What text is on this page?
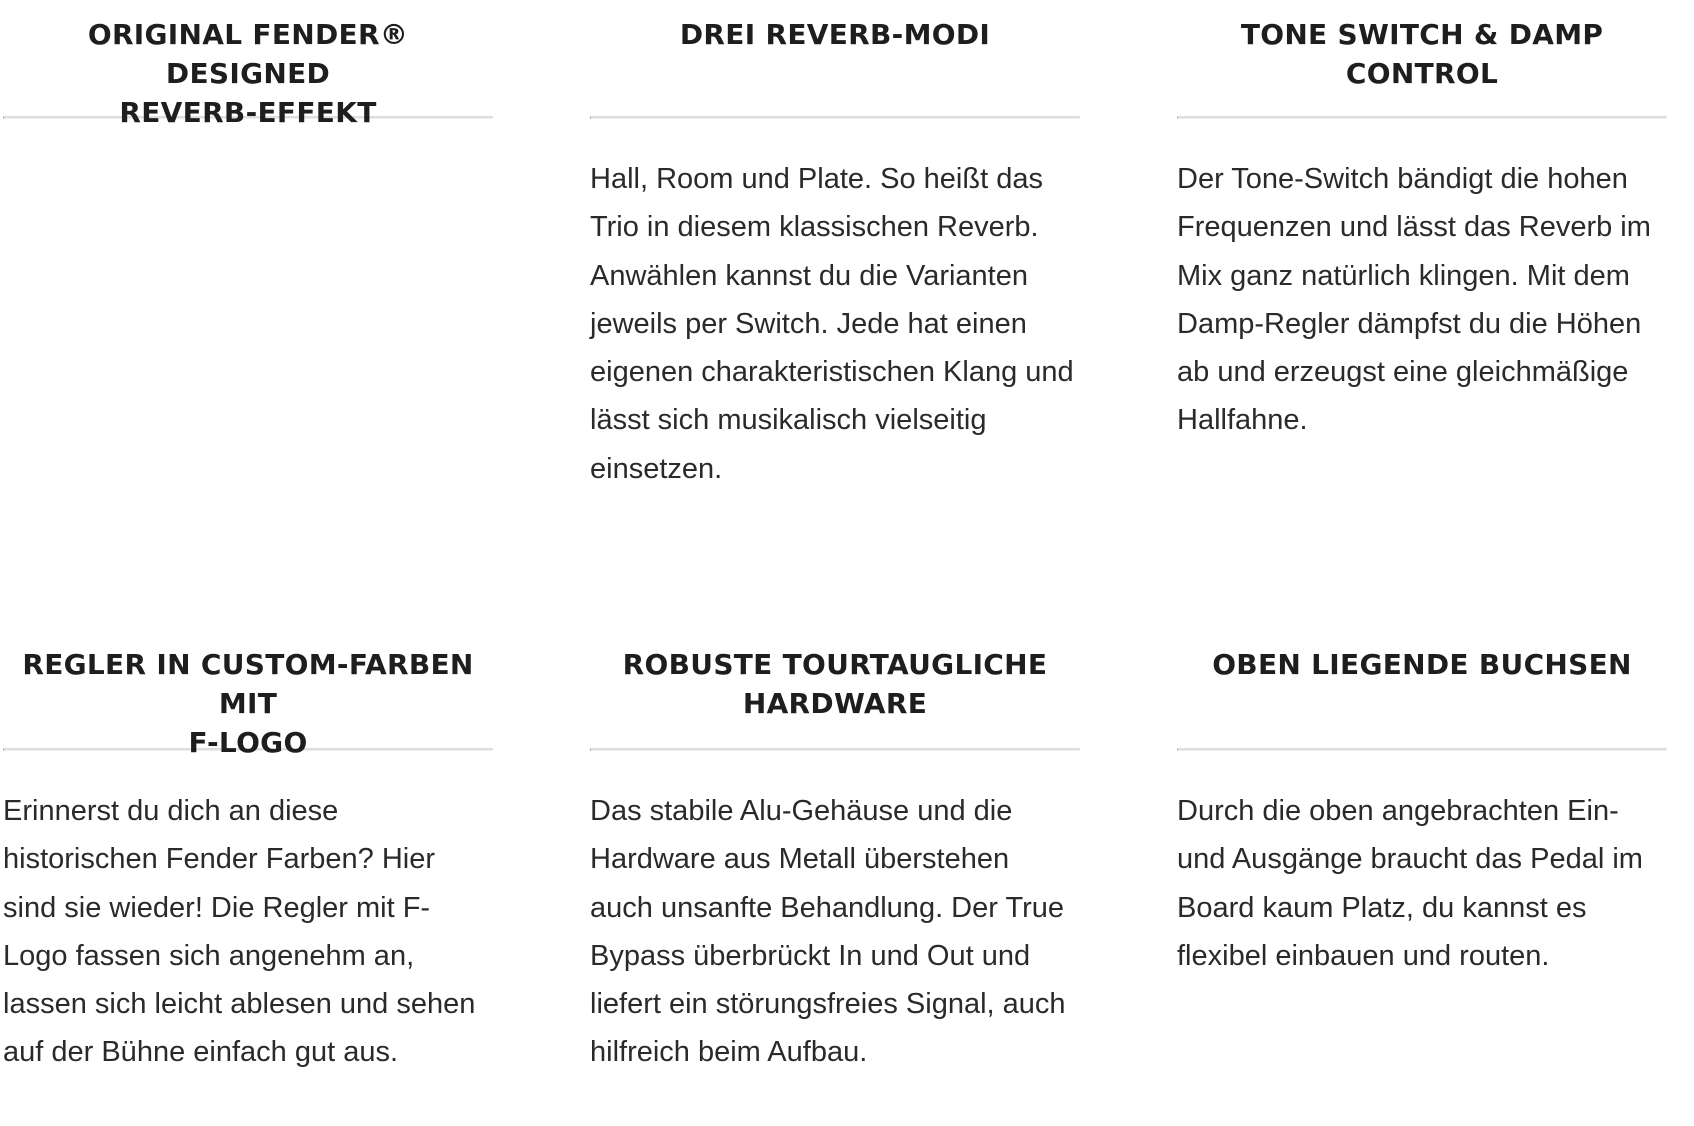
ORIGINAL FENDER® DESIGNED
REVERB-EFFEKT

DREI REVERB-MODI

Hall, Room und Plate. So heißt das Trio in diesem klassischen Reverb. Anwählen kannst du die Varianten jeweils per Switch. Jede hat einen eigenen charakteristischen Klang und lässt sich musikalisch vielseitig einsetzen.

TONE SWITCH & DAMP CONTROL

Der Tone-Switch bändigt die hohen Frequenzen und lässt das Reverb im Mix ganz natürlich klingen. Mit dem Damp-Regler dämpfst du die Höhen ab und erzeugst eine gleichmäßige Hallfahne.

REGLER IN CUSTOM-FARBEN MIT
F-LOGO

Erinnerst du dich an diese historischen Fender Farben? Hier sind sie wieder! Die Regler mit F-Logo fassen sich angenehm an, lassen sich leicht ablesen und sehen auf der Bühne einfach gut aus.

ROBUSTE TOURTAUGLICHE
HARDWARE

Das stabile Alu-Gehäuse und die Hardware aus Metall überstehen auch unsanfte Behandlung. Der True Bypass überbrückt In und Out und liefert ein störungsfreies Signal, auch hilfreich beim Aufbau.

OBEN LIEGENDE BUCHSEN

Durch die oben angebrachten Ein- und Ausgänge braucht das Pedal im Board kaum Platz, du kannst es flexibel einbauen und routen.
